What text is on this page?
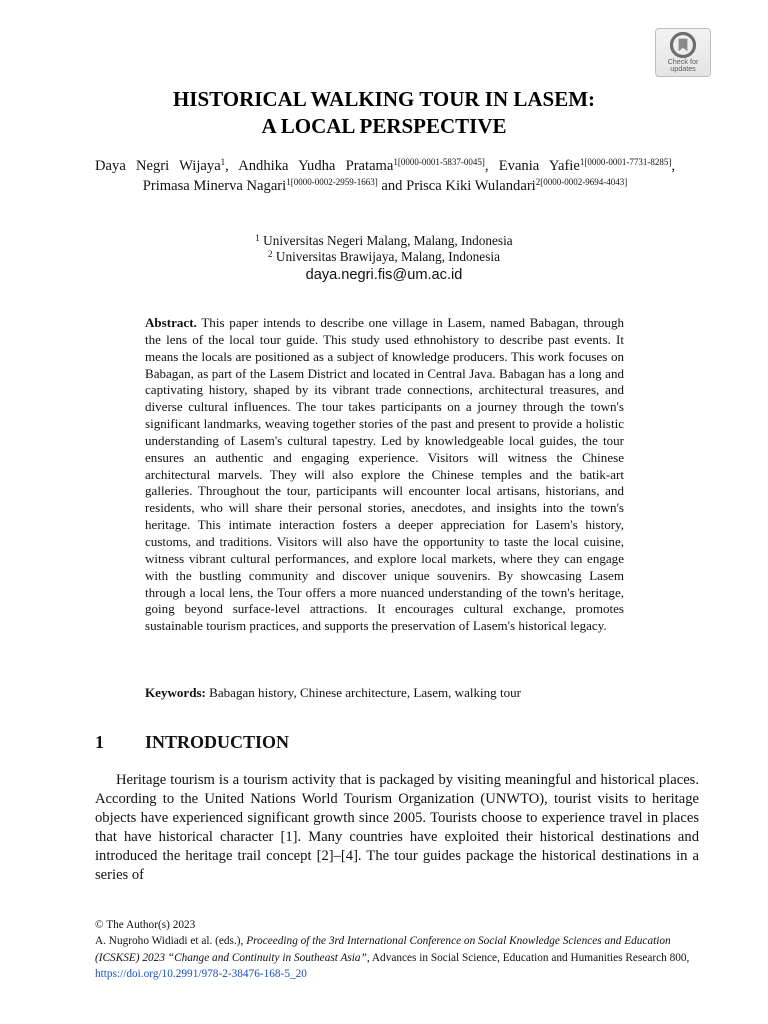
Check for
updates
HISTORICAL WALKING TOUR IN LASEM:
A LOCAL PERSPECTIVE
Daya Negri Wijaya$^1$, Andhika Yudha Pratama$^{1[0000-0001-5837-0045]}$, Evania Yafie$^{1[0000-0001-7731-8285]}$, Primasa Minerva Nagari$^{1[0000-0002-2959-1663]}$ and Prisca Kiki Wulandari$^{2[0000-0002-9694-4043]}$
$^1$ Universitas Negeri Malang, Malang, Indonesia
$^2$ Universitas Brawijaya, Malang, Indonesia
daya.negri.fis@um.ac.id

Abstract. This paper intends to describe one village in Lasem, named Babagan, through the lens of the local tour guide. This study used ethnohistory to describe past events. It means the locals are positioned as a subject of knowledge producers. This work focuses on Babagan, as part of the Lasem District and located in Central Java. Babagan has a long and captivating history, shaped by its vibrant trade connections, architectural treasures, and diverse cultural influences. The tour takes participants on a journey through the town's significant landmarks, weaving together stories of the past and present to provide a holistic understanding of Lasem's cultural tapestry. Led by knowledgeable local guides, the tour ensures an authentic and engaging experience. Visitors will witness the Chinese architectural marvels. They will also explore the Chinese temples and the batik-art galleries. Throughout the tour, participants will encounter local artisans, historians, and residents, who will share their personal stories, anecdotes, and insights into the town's heritage. This intimate interaction fosters a deeper appreciation for Lasem's history, customs, and traditions. Visitors will also have the opportunity to taste the local cuisine, witness vibrant cultural performances, and explore local markets, where they can engage with the bustling community and discover unique souvenirs. By showcasing Lasem through a local lens, the Tour offers a more nuanced understanding of the town's heritage, going beyond surface-level attractions. It encourages cultural exchange, promotes sustainable tourism practices, and supports the preservation of Lasem's historical legacy.

Keywords: Babagan history, Chinese architecture, Lasem, walking tour

1 INTRODUCTION

Heritage tourism is a tourism activity that is packaged by visiting meaningful and historical places. According to the United Nations World Tourism Organization (UNWTO), tourist visits to heritage objects have experienced significant growth since 2005. Tourists choose to experience travel in places that have historical character [1]. Many countries have exploited their historical destinations and introduced the heritage trail concept [2]–[4]. The tour guides package the historical destinations in a series of

© The Author(s) 2023
A. Nugroho Widiadi et al. (eds.), Proceeding of the 3rd International Conference on Social Knowledge Sciences and Education (ICSKSE) 2023 “Change and Continuity in Southeast Asia”, Advances in Social Science, Education and Humanities Research 800, https://doi.org/10.2991/978-2-38476-168-5_20
